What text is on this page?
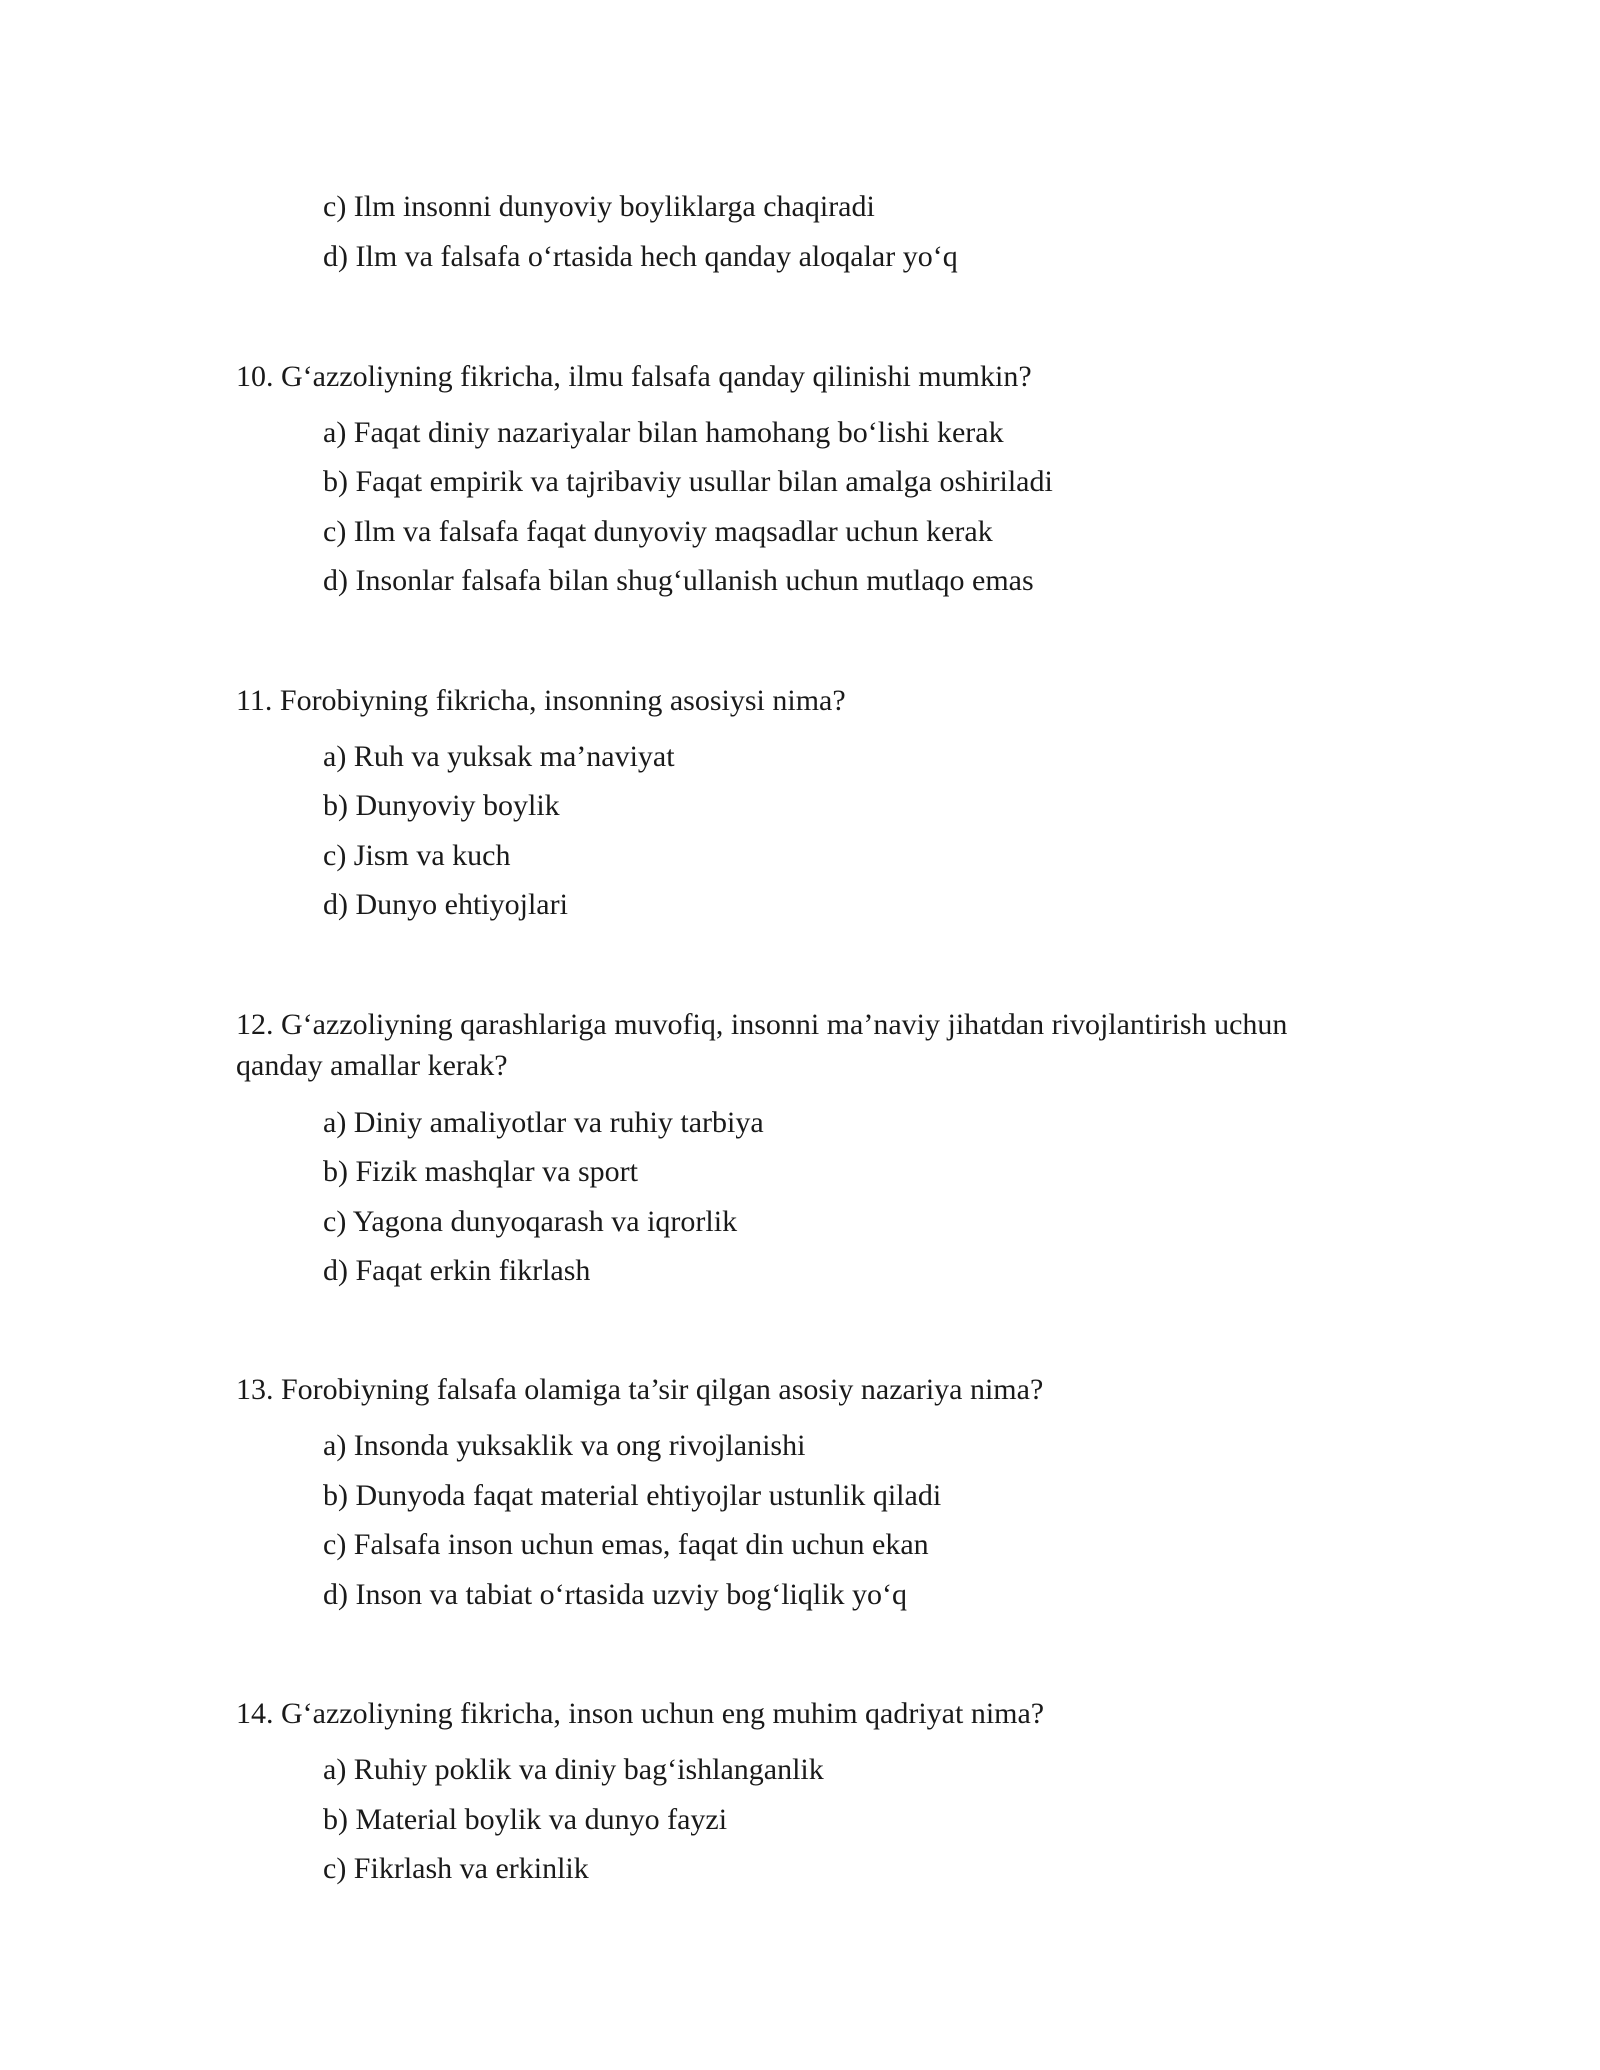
c) Ilm insonni dunyoviy boyliklarga chaqiradi
d) Ilm va falsafa o‘rtasida hech qanday aloqalar yo‘q
10. G‘azzoliyning fikricha, ilmu falsafa qanday qilinishi mumkin?
a) Faqat diniy nazariyalar bilan hamohang bo‘lishi kerak
b) Faqat empirik va tajribaviy usullar bilan amalga oshiriladi
c) Ilm va falsafa faqat dunyoviy maqsadlar uchun kerak
d) Insonlar falsafa bilan shug‘ullanish uchun mutlaqo emas
11. Forobiyning fikricha, insonning asosiysi nima?
a) Ruh va yuksak ma’naviyat
b) Dunyoviy boylik
c) Jism va kuch
d) Dunyo ehtiyojlari
12. G‘azzoliyning qarashlariga muvofiq, insonni ma’naviy jihatdan rivojlantirish uchun
qanday amallar kerak?
a) Diniy amaliyotlar va ruhiy tarbiya
b) Fizik mashqlar va sport
c) Yagona dunyoqarash va iqrorlik
d) Faqat erkin fikrlash
13. Forobiyning falsafa olamiga ta’sir qilgan asosiy nazariya nima?
a) Insonda yuksaklik va ong rivojlanishi
b) Dunyoda faqat material ehtiyojlar ustunlik qiladi
c) Falsafa inson uchun emas, faqat din uchun ekan
d) Inson va tabiat o‘rtasida uzviy bog‘liqlik yo‘q
14. G‘azzoliyning fikricha, inson uchun eng muhim qadriyat nima?
a) Ruhiy poklik va diniy bag‘ishlanganlik
b) Material boylik va dunyo fayzi
c) Fikrlash va erkinlik
